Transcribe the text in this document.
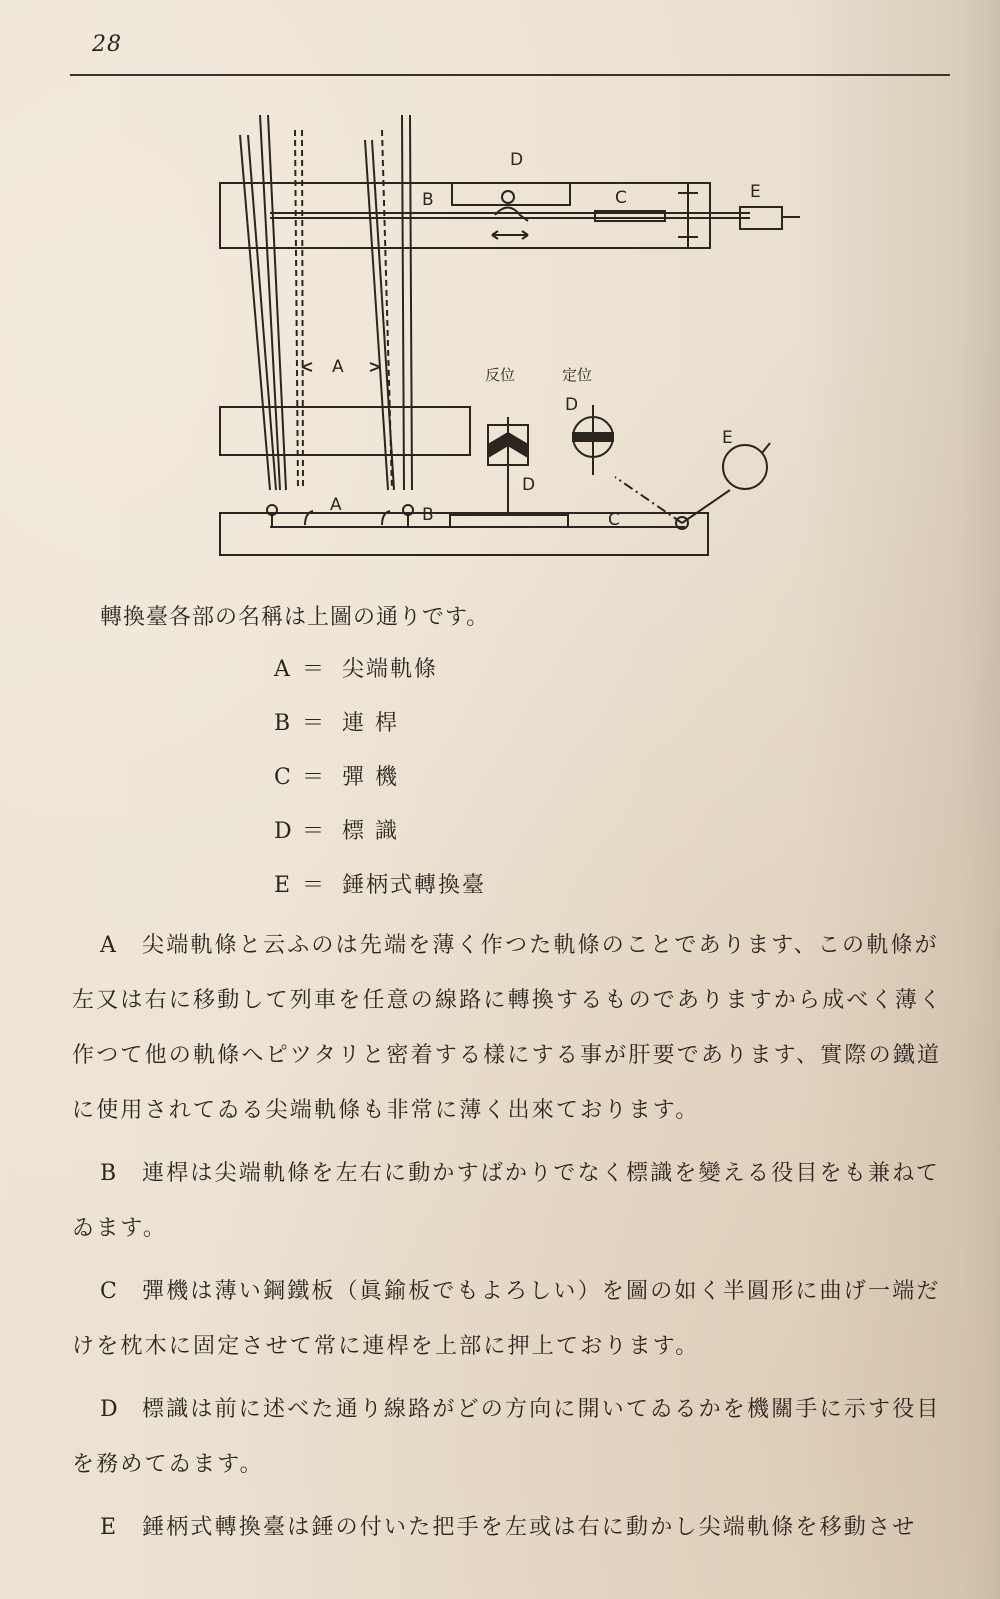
28
D
B	C	E
A	反位	定位
D
D
E
A	B	C
轉換臺各部の名稱は上圖の通りです。
A ＝ 尖端軌條
B ＝ 連 桿
C ＝ 彈 機
D ＝ 標 識
E ＝ 錘柄式轉換臺

A 尖端軌條と云ふのは先端を薄く作つた軌條のことであります、この軌條が左又は右に移動して列車を任意の線路に轉換するものでありますから成べく薄く作つて他の軌條へピツタリと密着する樣にする事が肝要であります、實際の鐵道に使用されてゐる尖端軌條も非常に薄く出來ております。

B 連桿は尖端軌條を左右に動かすばかりでなく標識を變える役目をも兼ねてゐます。

C 彈機は薄い鋼鐵板（眞鍮板でもよろしい）を圖の如く半圓形に曲げ一端だけを枕木に固定させて常に連桿を上部に押上ております。

D 標識は前に述べた通り線路がどの方向に開いてゐるかを機關手に示す役目を務めてゐます。

E 錘柄式轉換臺は錘の付いた把手を左或は右に動かし尖端軌條を移動させ
